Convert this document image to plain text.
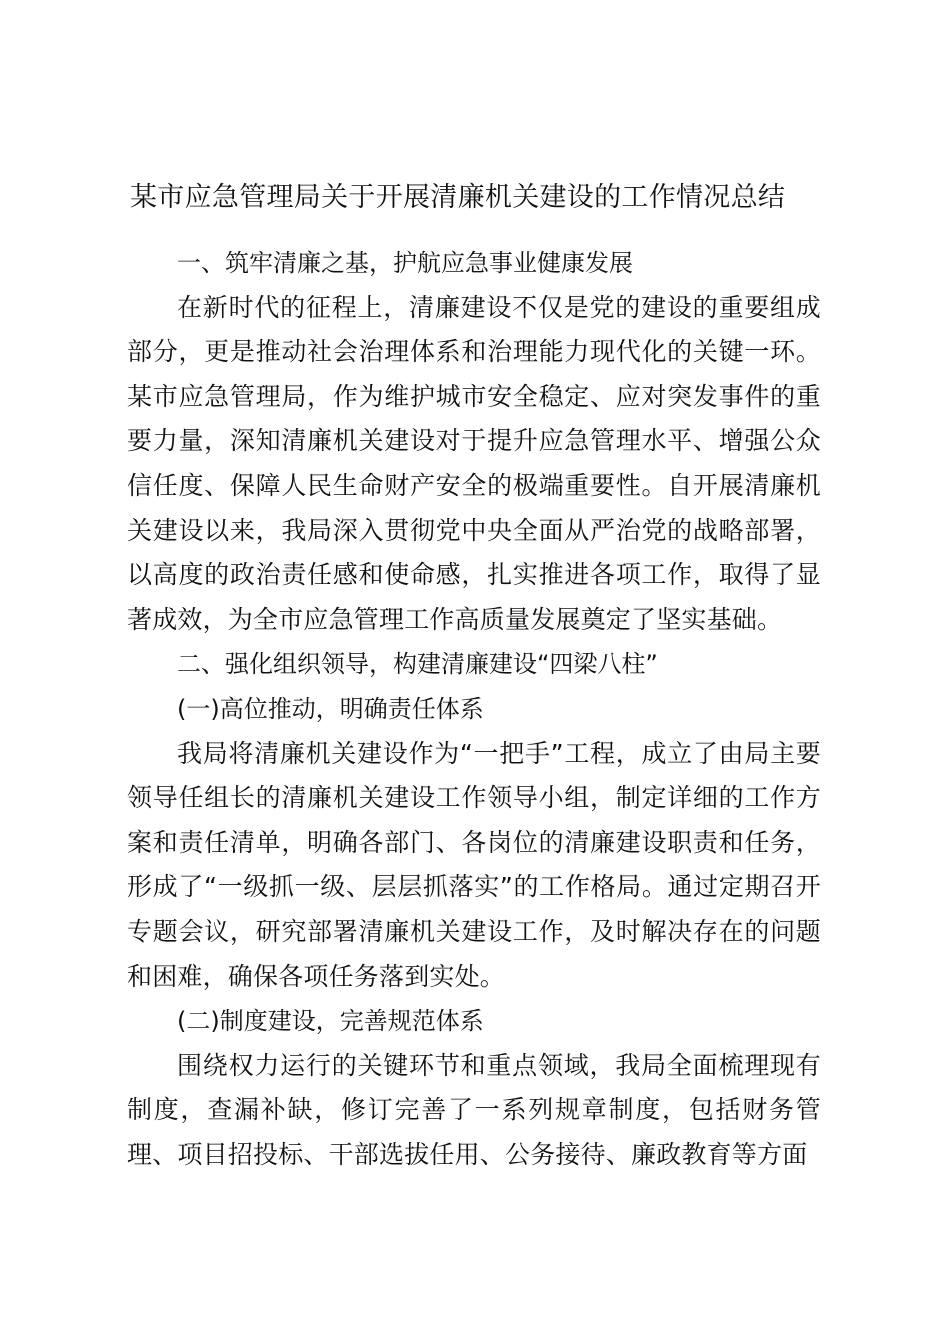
某市应急管理局关于开展清廉机关建设的工作情况总结

一、筑牢清廉之基，护航应急事业健康发展

在新时代的征程上，清廉建设不仅是党的建设的重要组成部分，更是推动社会治理体系和治理能力现代化的关键一环。某市应急管理局，作为维护城市安全稳定、应对突发事件的重要力量，深知清廉机关建设对于提升应急管理水平、增强公众信任度、保障人民生命财产安全的极端重要性。自开展清廉机关建设以来，我局深入贯彻党中央全面从严治党的战略部署，以高度的政治责任感和使命感，扎实推进各项工作，取得了显著成效，为全市应急管理工作高质量发展奠定了坚实基础。

二、强化组织领导，构建清廉建设“四梁八柱”

(一)高位推动，明确责任体系

我局将清廉机关建设作为“一把手”工程，成立了由局主要领导任组长的清廉机关建设工作领导小组，制定详细的工作方案和责任清单，明确各部门、各岗位的清廉建设职责和任务，形成了“一级抓一级、层层抓落实”的工作格局。通过定期召开专题会议，研究部署清廉机关建设工作，及时解决存在的问题和困难，确保各项任务落到实处。

(二)制度建设，完善规范体系

围绕权力运行的关键环节和重点领域，我局全面梳理现有制度，查漏补缺，修订完善了一系列规章制度，包括财务管理、项目招投标、干部选拔任用、公务接待、廉政教育等方面
